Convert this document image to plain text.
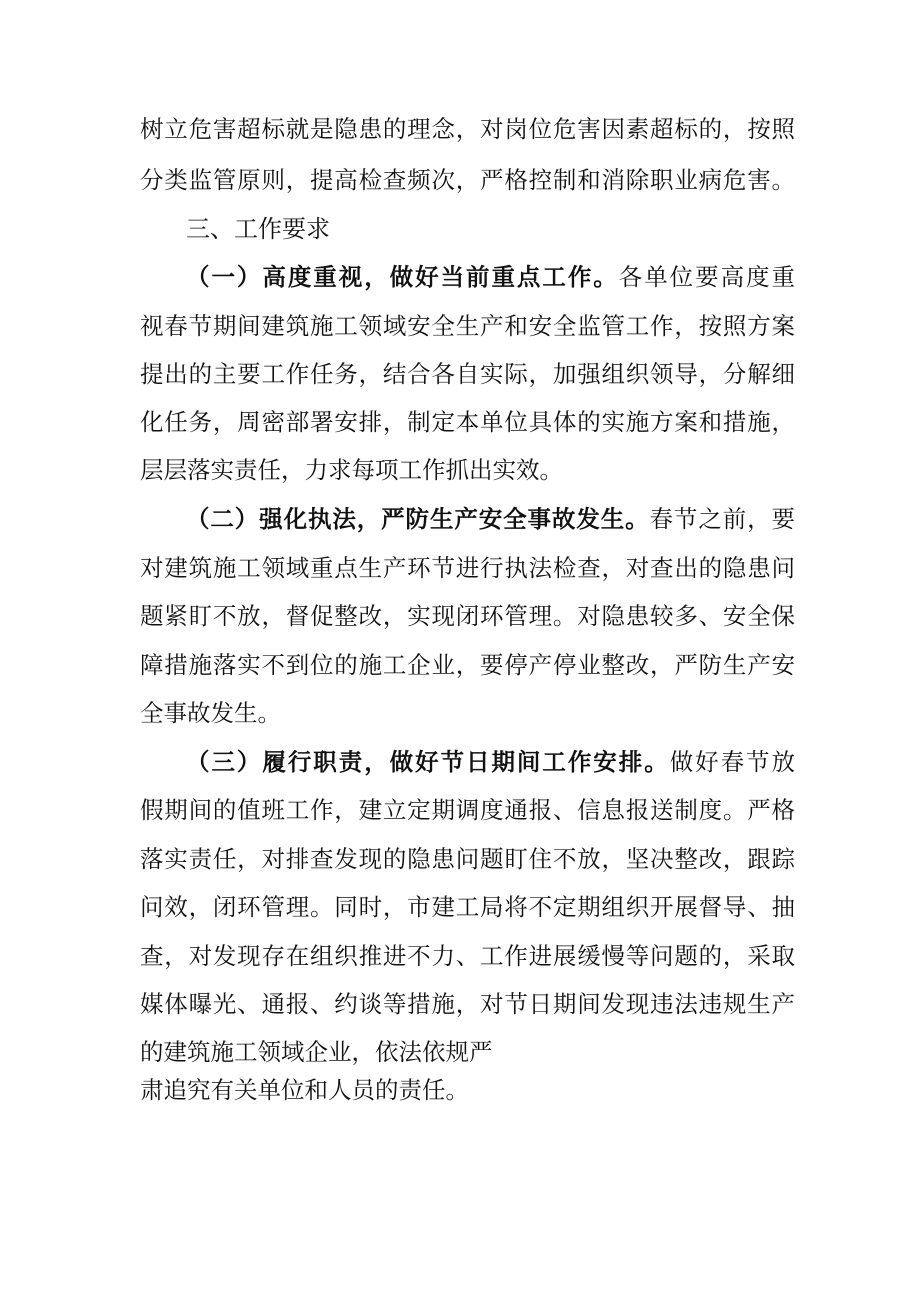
树立危害超标就是隐患的理念，对岗位危害因素超标的，按照
分类监管原则，提高检查频次，严格控制和消除职业病危害。
三、工作要求
（一）高度重视，做好当前重点工作。各单位要高度重
视春节期间建筑施工领域安全生产和安全监管工作，按照方案
提出的主要工作任务，结合各自实际，加强组织领导，分解细
化任务，周密部署安排，制定本单位具体的实施方案和措施，
层层落实责任，力求每项工作抓出实效。
（二）强化执法，严防生产安全事故发生。春节之前，要
对建筑施工领域重点生产环节进行执法检查，对查出的隐患问
题紧盯不放，督促整改，实现闭环管理。对隐患较多、安全保
障措施落实不到位的施工企业，要停产停业整改，严防生产安
全事故发生。
（三）履行职责，做好节日期间工作安排。做好春节放
假期间的值班工作，建立定期调度通报、信息报送制度。严格
落实责任，对排查发现的隐患问题盯住不放，坚决整改，跟踪
问效，闭环管理。同时，市建工局将不定期组织开展督导、抽
查，对发现存在组织推进不力、工作进展缓慢等问题的，采取
媒体曝光、通报、约谈等措施，对节日期间发现违法违规生产
的建筑施工领域企业，依法依规严
肃追究有关单位和人员的责任。
